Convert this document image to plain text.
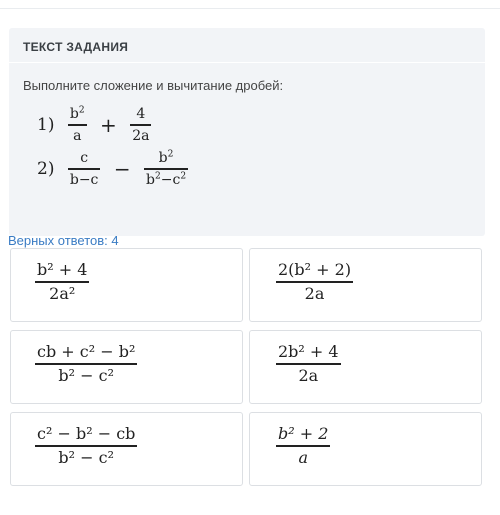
ТЕКСТ ЗАДАНИЯ
Выполните сложение и вычитание дробей:
$1) \frac{b^2}{a} + \frac{4}{2a}$
$2) \frac{c}{b-c} - \frac{b^2}{b^2-c^2}$
Верных ответов: 4
b² + 4
2a²
2(b² + 2)
2a
cb + c² − b²
b² − c²
2b² + 4
2a
c² − b² − cb
b² − c²
b² + 2
a
